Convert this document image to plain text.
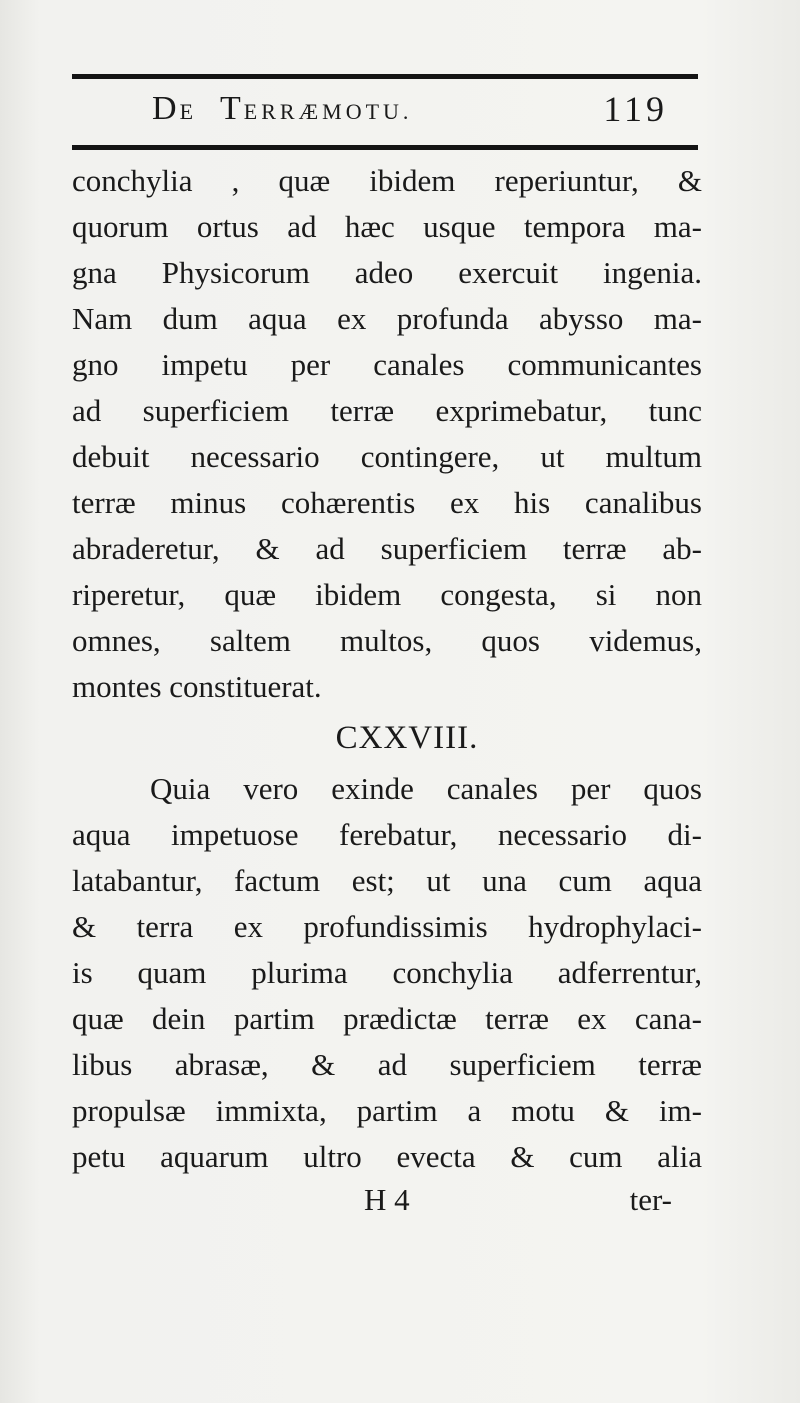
DE TERRÆMOTU.	119
conchylia , quæ ibidem reperiuntur, &
quorum ortus ad hæc usque tempora ma-
gna Physicorum adeo exercuit ingenia.
Nam dum aqua ex profunda abysso ma-
gno impetu per canales communicantes
ad superficiem terræ exprimebatur, tunc
debuit necessario contingere, ut multum
terræ minus cohærentis ex his canalibus
abraderetur, & ad superficiem terræ ab-
riperetur, quæ ibidem congesta, si non
omnes, saltem multos, quos videmus,
montes constituerat.
CXXVIII.
Quia vero exinde canales per quos
aqua impetuose ferebatur, necessario di-
latabantur, factum est; ut una cum aqua
& terra ex profundissimis hydrophylaci-
is quam plurima conchylia adferrentur,
quæ dein partim prædictæ terræ ex cana-
libus abrasæ, & ad superficiem terræ
propulsæ immixta, partim a motu & im-
petu aquarum ultro evecta & cum alia
H 4	ter-
